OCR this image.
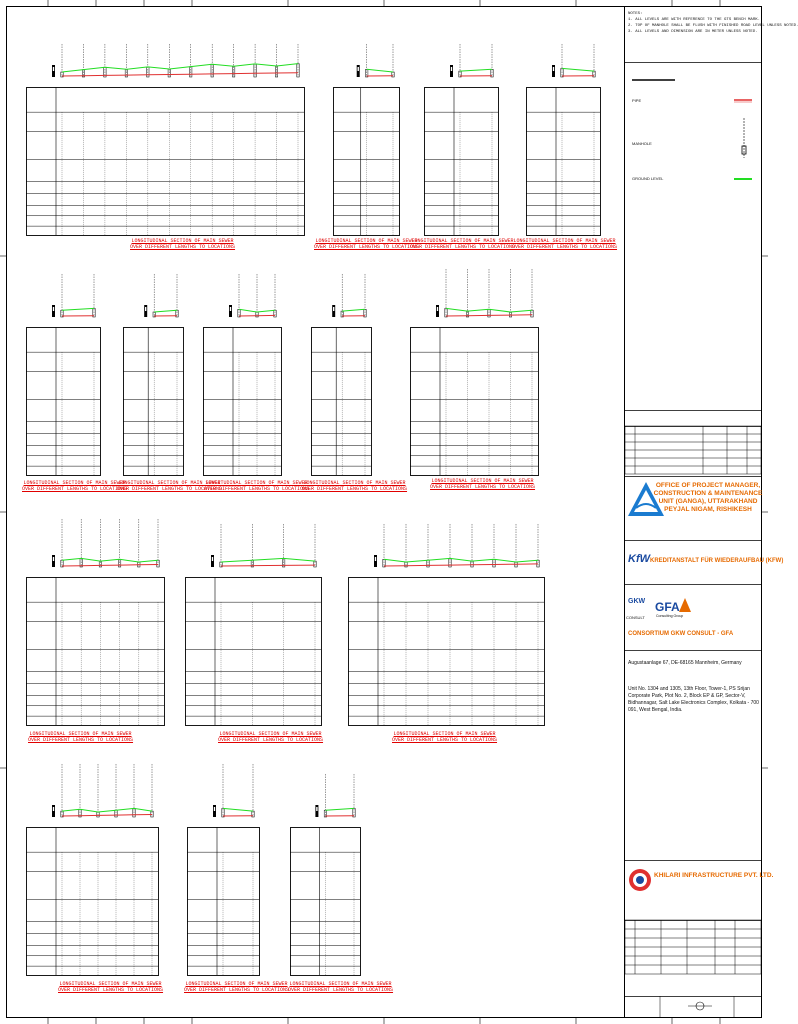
NOTES:
1. ALL LEVELS ARE WITH REFERENCE TO THE GTS BENCH MARK.
2. TOP OF MANHOLE SHALL BE FLUSH WITH FINISHED ROAD LEVEL UNLESS NOTED.
3. ALL LEVELS AND DIMENSION ARE IN METER UNLESS NOTED.
PIPE
MANHOLE
GROUND LEVEL
OFFICE OF PROJECT MANAGER, CONSTRUCTION & MAINTENANCE UNIT (GANGA), UTTARAKHAND PEYJAL NIGAM, RISHIKESH
KfW KREDITANSTALT FÜR WIEDERAUFBAU (KFW)
GKW
CONSULT
GFA
Consulting Group
CONSORTIUM GKW CONSULT - GFA
Augustaanlage 67, DE-68165 Mannheim, Germany
Unit No. 1304 and 1305, 13th Floor, Tower-1, PS Srijan Corporate Park, Plot No. 2, Block EP & GP, Sector-V, Bidhannagar, Salt Lake Electronics Complex, Kolkata - 700 091, West Bengal, India.
KHILARI INFRASTRUCTURE PVT. LTD.
LONGITUDINAL SECTION OF MAIN SEWER
OVER DIFFERENT LENGTHS TO LOCATIONS
LONGITUDINAL SECTION OF MAIN SEWER
OVER DIFFERENT LENGTHS TO LOCATIONS
LONGITUDINAL SECTION OF MAIN SEWER
OVER DIFFERENT LENGTHS TO LOCATIONS
LONGITUDINAL SECTION OF MAIN SEWER
OVER DIFFERENT LENGTHS TO LOCATIONS
LONGITUDINAL SECTION OF MAIN SEWER
OVER DIFFERENT LENGTHS TO LOCATIONS
LONGITUDINAL SECTION OF MAIN SEWER
OVER DIFFERENT LENGTHS TO LOCATIONS
LONGITUDINAL SECTION OF MAIN SEWER
OVER DIFFERENT LENGTHS TO LOCATIONS
LONGITUDINAL SECTION OF MAIN SEWER
OVER DIFFERENT LENGTHS TO LOCATIONS
LONGITUDINAL SECTION OF MAIN SEWER
OVER DIFFERENT LENGTHS TO LOCATIONS
LONGITUDINAL SECTION OF MAIN SEWER
OVER DIFFERENT LENGTHS TO LOCATIONS
LONGITUDINAL SECTION OF MAIN SEWER
OVER DIFFERENT LENGTHS TO LOCATIONS
LONGITUDINAL SECTION OF MAIN SEWER
OVER DIFFERENT LENGTHS TO LOCATIONS
LONGITUDINAL SECTION OF MAIN SEWER
OVER DIFFERENT LENGTHS TO LOCATIONS
LONGITUDINAL SECTION OF MAIN SEWER
OVER DIFFERENT LENGTHS TO LOCATIONS
LONGITUDINAL SECTION OF MAIN SEWER
OVER DIFFERENT LENGTHS TO LOCATIONS
